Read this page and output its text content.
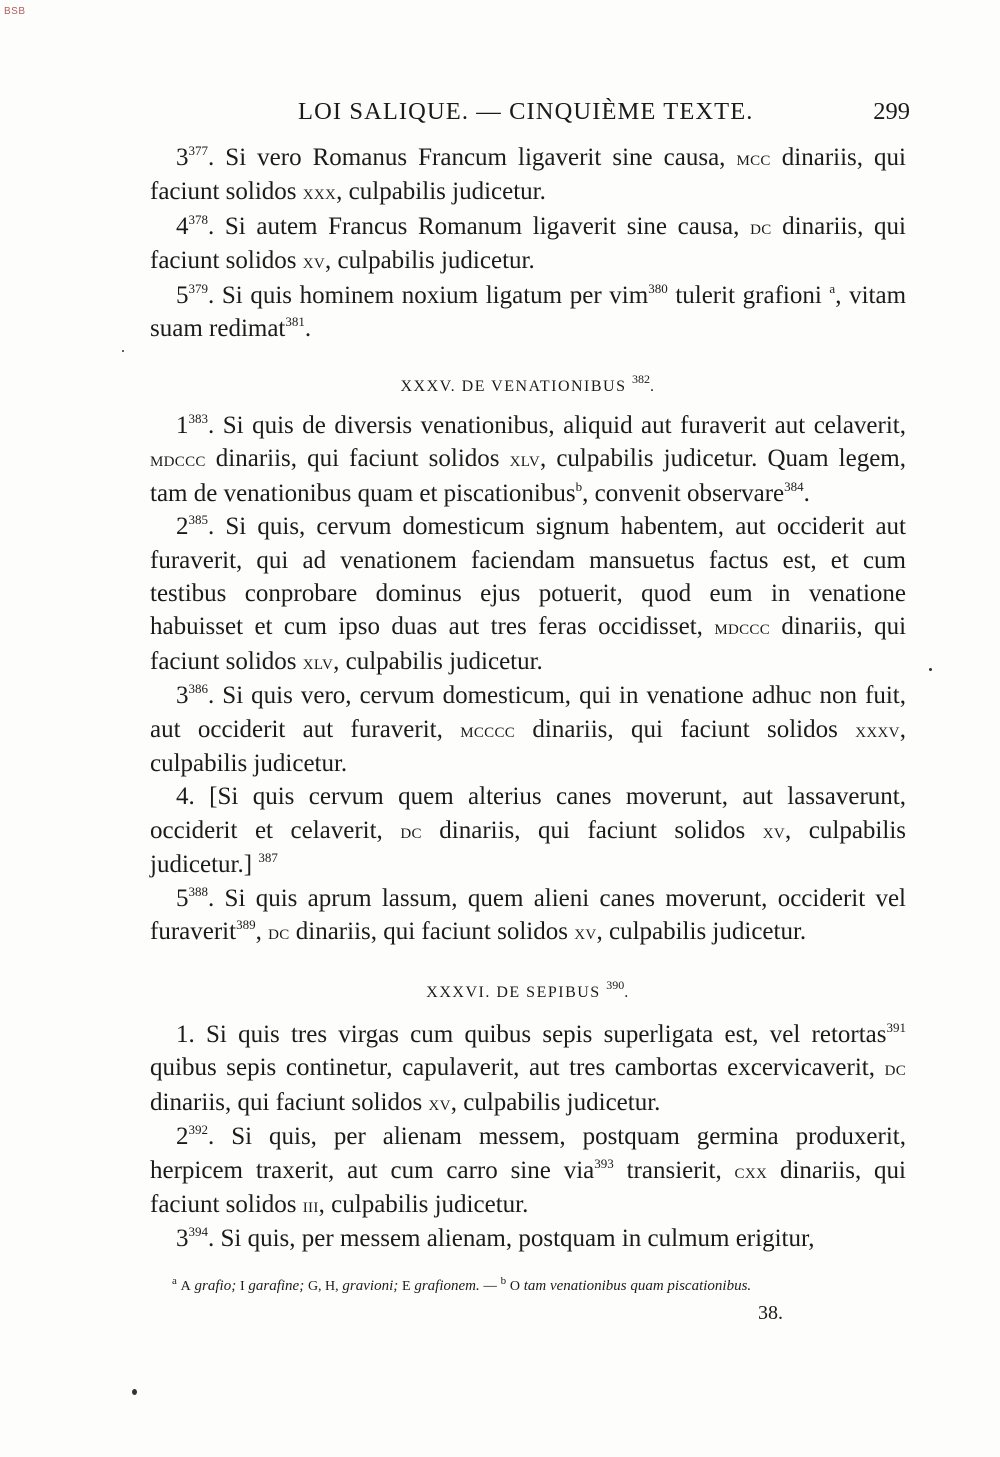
BSB
LOI SALIQUE. — CINQUIÈME TEXTE.	299

$3^{377}$. Si vero Romanus Francum ligaverit sine causa, mcc dinariis, qui faciunt solidos xxx, culpabilis judicetur.

$4^{378}$. Si autem Francus Romanum ligaverit sine causa, dc dinariis, qui faciunt solidos xv, culpabilis judicetur.

$5^{379}$. Si quis hominem noxium ligatum per vim$^{380}$ tulerit grafioni $^a$, vitam suam redimat$^{381}$.

XXXV. DE VENATIONIBUS $^{382}$.

$1^{383}$. Si quis de diversis venationibus, aliquid aut furaverit aut celaverit, mdccc dinariis, qui faciunt solidos xlv, culpabilis judicetur. Quam legem, tam de venationibus quam et piscationibus$^b$, convenit observare$^{384}$.

$2^{385}$. Si quis, cervum domesticum signum habentem, aut occiderit aut furaverit, qui ad venationem faciendam mansuetus factus est, et cum testibus conprobare dominus ejus potuerit, quod eum in venatione habuisset et cum ipso duas aut tres feras occidisset, mdccc dinariis, qui faciunt solidos xlv, culpabilis judicetur.

$3^{386}$. Si quis vero, cervum domesticum, qui in venatione adhuc non fuit, aut occiderit aut furaverit, mcccc dinariis, qui faciunt solidos xxxv, culpabilis judicetur.

4. [Si quis cervum quem alterius canes moverunt, aut lassaverunt, occiderit et celaverit, dc dinariis, qui faciunt solidos xv, culpabilis judicetur.] $^{387}$

$5^{388}$. Si quis aprum lassum, quem alieni canes moverunt, occiderit vel furaverit$^{389}$, dc dinariis, qui faciunt solidos xv, culpabilis judicetur.

XXXVI. DE SEPIBUS $^{390}$.

1. Si quis tres virgas cum quibus sepis superligata est, vel retortas$^{391}$ quibus sepis continetur, capulaverit, aut tres cambortas excervicaverit, dc dinariis, qui faciunt solidos xv, culpabilis judicetur.

$2^{392}$. Si quis, per alienam messem, postquam germina produxerit, herpicem traxerit, aut cum carro sine via$^{393}$ transierit, cxx dinariis, qui faciunt solidos iii, culpabilis judicetur.

$3^{394}$. Si quis, per messem alienam, postquam in culmum erigitur,

$^a$ A grafio; I garafine; G, H, gravioni; E grafionem. — $^b$ O tam venationibus quam piscationibus.
38.
